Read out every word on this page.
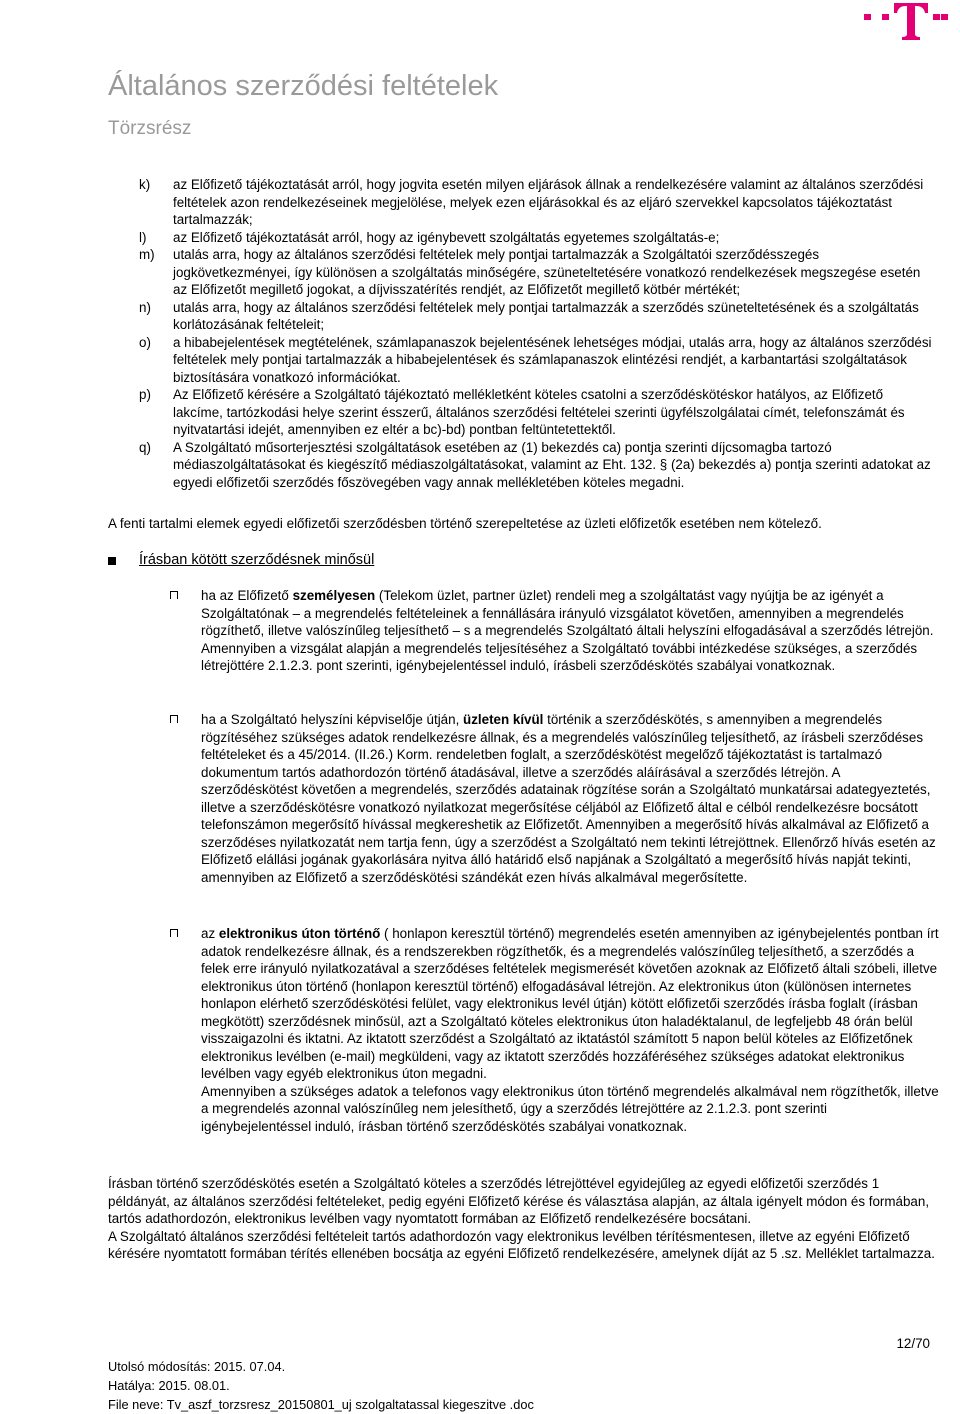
Általános szerződési feltételek
Törzsrész
k)	az Előfizető tájékoztatását arról, hogy jogvita esetén milyen eljárások állnak a rendelkezésére valamint az általános szerződési feltételek azon rendelkezéseinek megjelölése, melyek ezen eljárásokkal és az eljáró szervekkel kapcsolatos tájékoztatást tartalmazzák;
l)	az Előfizető tájékoztatását arról, hogy az igénybevett szolgáltatás egyetemes szolgáltatás-e;
m)	utalás arra, hogy az általános szerződési feltételek mely pontjai tartalmazzák a Szolgáltatói szerződésszegés jogkövetkezményei, így különösen a szolgáltatás minőségére, szüneteltetésére vonatkozó rendelkezések megszegése esetén az Előfizetőt megillető jogokat, a díjvisszatérítés rendjét, az Előfizetőt megillető kötbér mértékét;
n)	utalás arra, hogy az általános szerződési feltételek mely pontjai tartalmazzák a szerződés szüneteltetésének és a szolgáltatás korlátozásának feltételeit;
o)	a hibabejelentések megtételének, számlapanaszok bejelentésének lehetséges módjai, utalás arra, hogy az általános szerződési feltételek mely pontjai tartalmazzák a hibabejelentések és számlapanaszok elintézési rendjét, a karbantartási szolgáltatások biztosítására vonatkozó információkat.
p)	Az Előfizető kérésére a Szolgáltató tájékoztató mellékletként köteles csatolni a szerződéskötéskor hatályos, az Előfizető lakcíme, tartózkodási helye szerint ésszerű, általános szerződési feltételei szerinti ügyfélszolgálatai címét, telefonszámát és nyitvatartási idejét, amennyiben ez eltér a bc)-bd) pontban feltüntetettektől.
q)	A Szolgáltató műsorterjesztési szolgáltatások esetében az (1) bekezdés ca) pontja szerinti díjcsomagba tartozó médiaszolgáltatásokat és kiegészítő médiaszolgáltatásokat, valamint az Eht. 132. § (2a) bekezdés a) pontja szerinti adatokat az egyedi előfizetői szerződés főszövegében vagy annak mellékletében köteles megadni.
A fenti tartalmi elemek egyedi előfizetői szerződésben történő szerepeltetése az üzleti előfizetők esetében nem kötelező.
Írásban kötött szerződésnek minősül
ha az Előfizető személyesen (Telekom üzlet, partner üzlet) rendeli meg a szolgáltatást vagy nyújtja be az igényét a Szolgáltatónak – a megrendelés feltételeinek a fennállására irányuló vizsgálatot követően, amennyiben a megrendelés rögzíthető, illetve valószínűleg teljesíthető – s a megrendelés Szolgáltató általi helyszíni elfogadásával a szerződés létrejön. Amennyiben a vizsgálat alapján a megrendelés teljesítéséhez a Szolgáltató további intézkedése szükséges, a szerződés létrejöttére 2.1.2.3. pont szerinti, igénybejelentéssel induló, írásbeli szerződéskötés szabályai vonatkoznak.
ha a Szolgáltató helyszíni képviselője útján, üzleten kívül történik a szerződéskötés, s amennyiben a megrendelés rögzítéséhez szükséges adatok rendelkezésre állnak, és a megrendelés valószínűleg teljesíthető, az írásbeli szerződéses feltételeket és a 45/2014. (II.26.) Korm. rendeletben foglalt, a szerződéskötést megelőző tájékoztatást is tartalmazó dokumentum tartós adathordozón történő átadásával, illetve a szerződés aláírásával a szerződés létrejön. A szerződéskötést követően a megrendelés, szerződés adatainak rögzítése során a Szolgáltató munkatársai adategyeztetés, illetve a szerződéskötésre vonatkozó nyilatkozat megerősítése céljából az Előfizető által e célból rendelkezésre bocsátott telefonszámon megerősítő hívással megkereshetik az Előfizetőt. Amennyiben a megerősítő hívás alkalmával az Előfizető a szerződéses nyilatkozatát nem tartja fenn, úgy a szerződést a Szolgáltató nem tekinti létrejöttnek. Ellenőrző hívás esetén az Előfizető elállási jogának gyakorlására nyitva álló határidő első napjának a Szolgáltató a megerősítő hívás napját tekinti, amennyiben az Előfizető a szerződéskötési szándékát ezen hívás alkalmával megerősítette.
az elektronikus úton történő ( honlapon keresztül történő) megrendelés esetén amennyiben az igénybejelentés pontban írt adatok rendelkezésre állnak, és a rendszerekben rögzíthetők, és a megrendelés valószínűleg teljesíthető, a szerződés a felek erre irányuló nyilatkozatával a szerződéses feltételek megismerését követően azoknak az Előfizető általi szóbeli, illetve elektronikus úton történő (honlapon keresztül történő) elfogadásával létrejön. Az elektronikus úton (különösen internetes honlapon elérhető szerződéskötési felület, vagy elektronikus levél útján) kötött előfizetői szerződés írásba foglalt (írásban megkötött) szerződésnek minősül, azt a Szolgáltató köteles elektronikus úton haladéktalanul, de legfeljebb 48 órán belül visszaigazolni és iktatni. Az iktatott szerződést a Szolgáltató az iktatástól számított 5 napon belül köteles az Előfizetőnek elektronikus levélben (e-mail) megküldeni, vagy az iktatott szerződés hozzáféréséhez szükséges adatokat elektronikus levélben vagy egyéb elektronikus úton megadni.
Amennyiben a szükséges adatok a telefonos vagy elektronikus úton történő megrendelés alkalmával nem rögzíthetők, illetve a megrendelés azonnal valószínűleg nem jelesíthető, úgy a szerződés létrejöttére az 2.1.2.3. pont szerinti igénybejelentéssel induló, írásban történő szerződéskötés szabályai vonatkoznak.
Írásban történő szerződéskötés esetén a Szolgáltató köteles a szerződés létrejöttével egyidejűleg az egyedi előfizetői szerződés 1 példányát, az általános szerződési feltételeket, pedig egyéni Előfizető kérése és választása alapján, az általa igényelt módon és formában, tartós adathordozón, elektronikus levélben vagy nyomtatott formában az Előfizető rendelkezésére bocsátani.
A Szolgáltató általános szerződési feltételeit tartós adathordozón vagy elektronikus levélben térítésmentesen, illetve az egyéni Előfizető kérésére nyomtatott formában térítés ellenében bocsátja az egyéni Előfizető rendelkezésére, amelynek díját az 5 .sz. Melléklet tartalmazza.
12/70
Utolsó módosítás: 2015. 07.04.
Hatálya: 2015. 08.01.
File neve: Tv_aszf_torzsresz_20150801_uj szolgaltatassal kiegeszitve .doc
